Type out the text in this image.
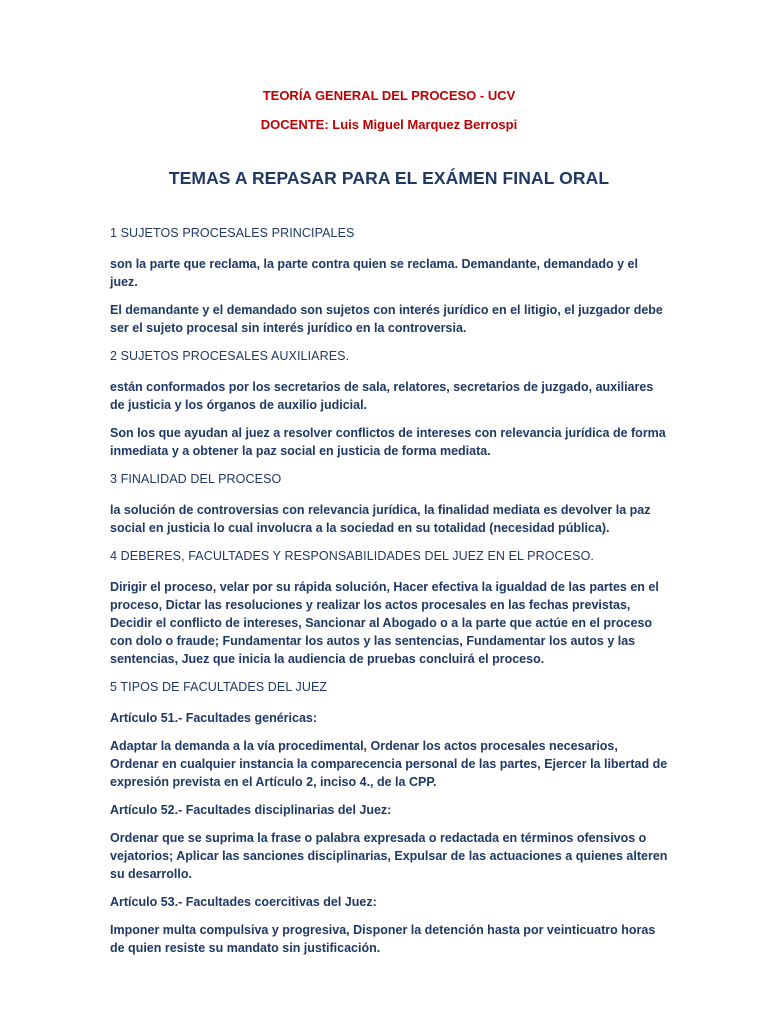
TEORÍA GENERAL DEL PROCESO - UCV

DOCENTE: Luis Miguel Marquez Berrospi

TEMAS A REPASAR PARA EL EXÁMEN FINAL ORAL

1 SUJETOS PROCESALES PRINCIPALES

son la parte que reclama, la parte contra quien se reclama. Demandante, demandado y el juez.

El demandante y el demandado son sujetos con interés jurídico en el litigio, el juzgador debe ser el sujeto procesal sin interés jurídico en la controversia.

2 SUJETOS PROCESALES AUXILIARES.

están conformados por los secretarios de sala, relatores, secretarios de juzgado, auxiliares de justicia y los órganos de auxilio judicial.

Son los que ayudan al juez a resolver conflictos de intereses con relevancia jurídica de forma inmediata y a obtener la paz social en justicia de forma mediata.

3 FINALIDAD DEL PROCESO

la solución de controversias con relevancia jurídica, la finalidad mediata es devolver la paz social en justicia lo cual involucra a la sociedad en su totalidad (necesidad pública).

4 DEBERES, FACULTADES Y RESPONSABILIDADES DEL JUEZ EN EL PROCESO.

Dirigir el proceso, velar por su rápida solución, Hacer efectiva la igualdad de las partes en el proceso, Dictar las resoluciones y realizar los actos procesales en las fechas previstas, Decidir el conflicto de intereses, Sancionar al Abogado o a la parte que actúe en el proceso con dolo o fraude; Fundamentar los autos y las sentencias, Fundamentar los autos y las sentencias, Juez que inicia la audiencia de pruebas concluirá el proceso.

5 TIPOS DE FACULTADES DEL JUEZ

Artículo 51.- Facultades genéricas:

Adaptar la demanda a la vía procedimental, Ordenar los actos procesales necesarios, Ordenar en cualquier instancia la comparecencia personal de las partes, Ejercer la libertad de expresión prevista en el Artículo 2, inciso 4., de la CPP.

Artículo 52.- Facultades disciplinarias del Juez:

Ordenar que se suprima la frase o palabra expresada o redactada en términos ofensivos o vejatorios; Aplicar las sanciones disciplinarias, Expulsar de las actuaciones a quienes alteren su desarrollo.

Artículo 53.- Facultades coercitivas del Juez:

Imponer multa compulsiva y progresiva, Disponer la detención hasta por veinticuatro horas de quien resiste su mandato sin justificación.
